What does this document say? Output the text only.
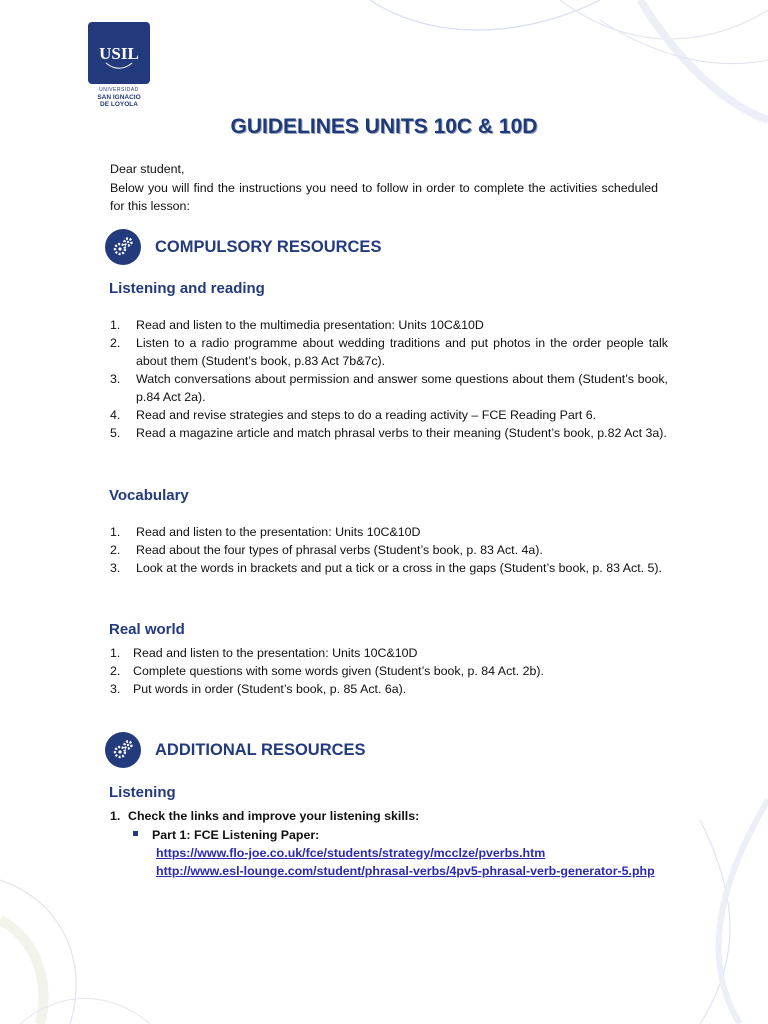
USIL
UNIVERSIDAD
SAN IGNACIO
DE LOYOLA
GUIDELINES UNITS 10C & 10D
Dear student,
Below you will find the instructions you need to follow in order to complete the activities scheduled for this lesson:
COMPULSORY RESOURCES
Listening and reading
1. Read and listen to the multimedia presentation: Units 10C&10D
2. Listen to a radio programme about wedding traditions and put photos in the order people talk about them (Student’s book, p.83 Act 7b&7c).
3. Watch conversations about permission and answer some questions about them (Student’s book, p.84 Act 2a).
4. Read and revise strategies and steps to do a reading activity – FCE Reading Part 6.
5. Read a magazine article and match phrasal verbs to their meaning (Student’s book, p.82 Act 3a).
Vocabulary
1. Read and listen to the presentation: Units 10C&10D
2. Read about the four types of phrasal verbs (Student’s book, p. 83 Act. 4a).
3. Look at the words in brackets and put a tick or a cross in the gaps (Student’s book, p. 83 Act. 5).
Real world
1. Read and listen to the presentation: Units 10C&10D
2. Complete questions with some words given (Student’s book, p. 84 Act. 2b).
3. Put words in order (Student’s book, p. 85 Act. 6a).
ADDITIONAL RESOURCES
Listening
1. Check the links and improve your listening skills:
Part 1: FCE Listening Paper:
https://www.flo-joe.co.uk/fce/students/strategy/mcclze/pverbs.htm
http://www.esl-lounge.com/student/phrasal-verbs/4pv5-phrasal-verb-generator-5.php
